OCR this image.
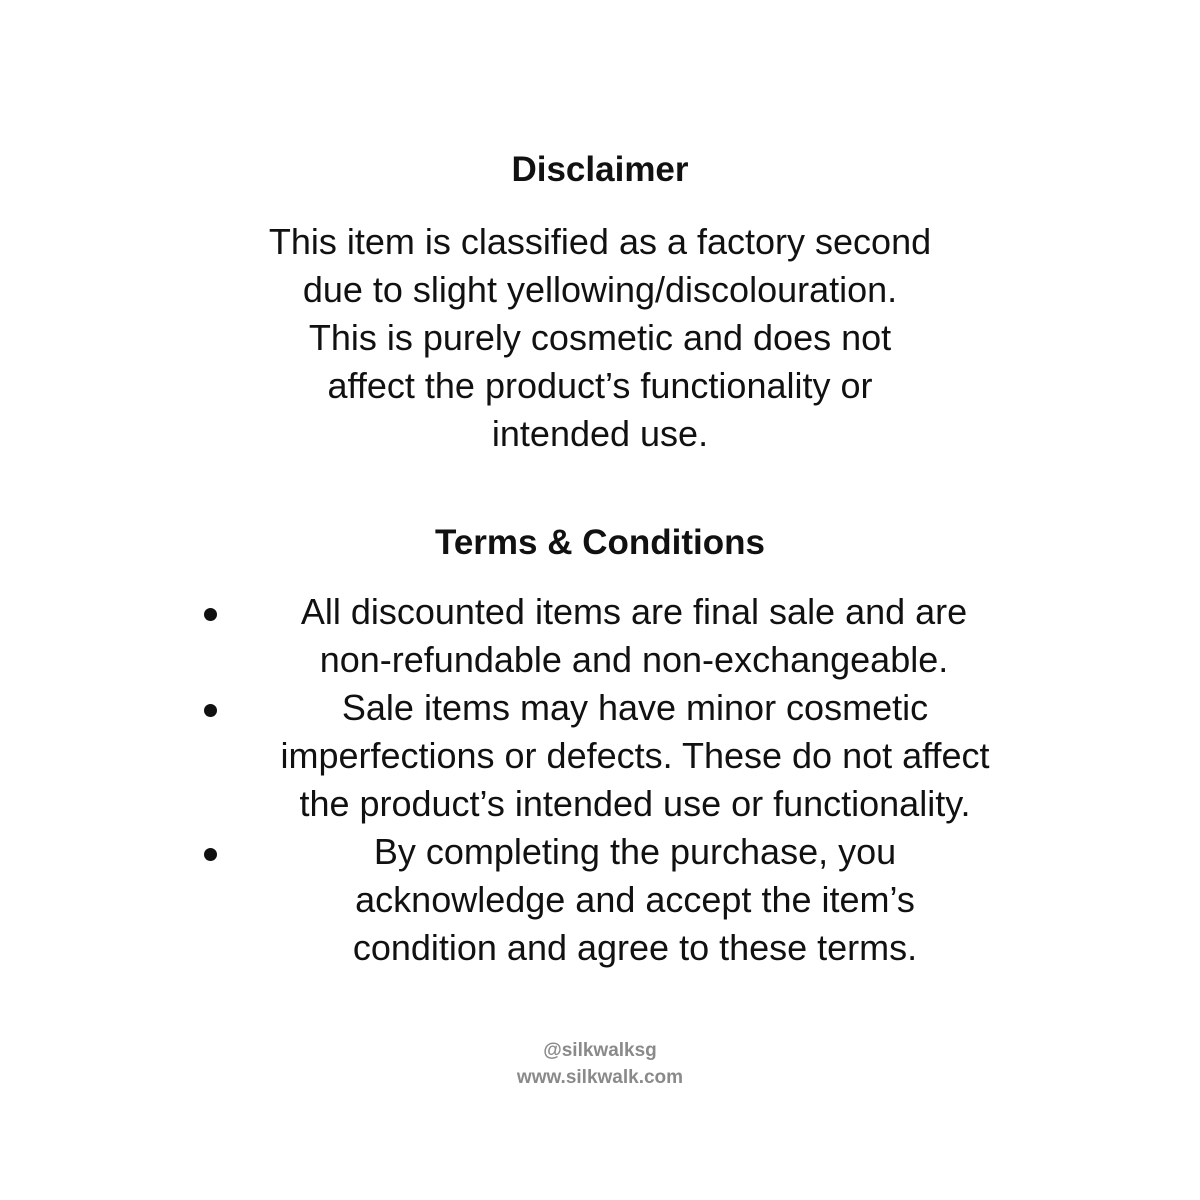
Disclaimer

This item is classified as a factory second
due to slight yellowing/discolouration.
This is purely cosmetic and does not
affect the product’s functionality or
intended use.

Terms & Conditions
All discounted items are final sale and are
non-refundable and non-exchangeable.
Sale items may have minor cosmetic
imperfections or defects. These do not affect
the product’s intended use or functionality.
By completing the purchase, you
acknowledge and accept the item’s
condition and agree to these terms.

@silkwalksg

www.silkwalk.com
